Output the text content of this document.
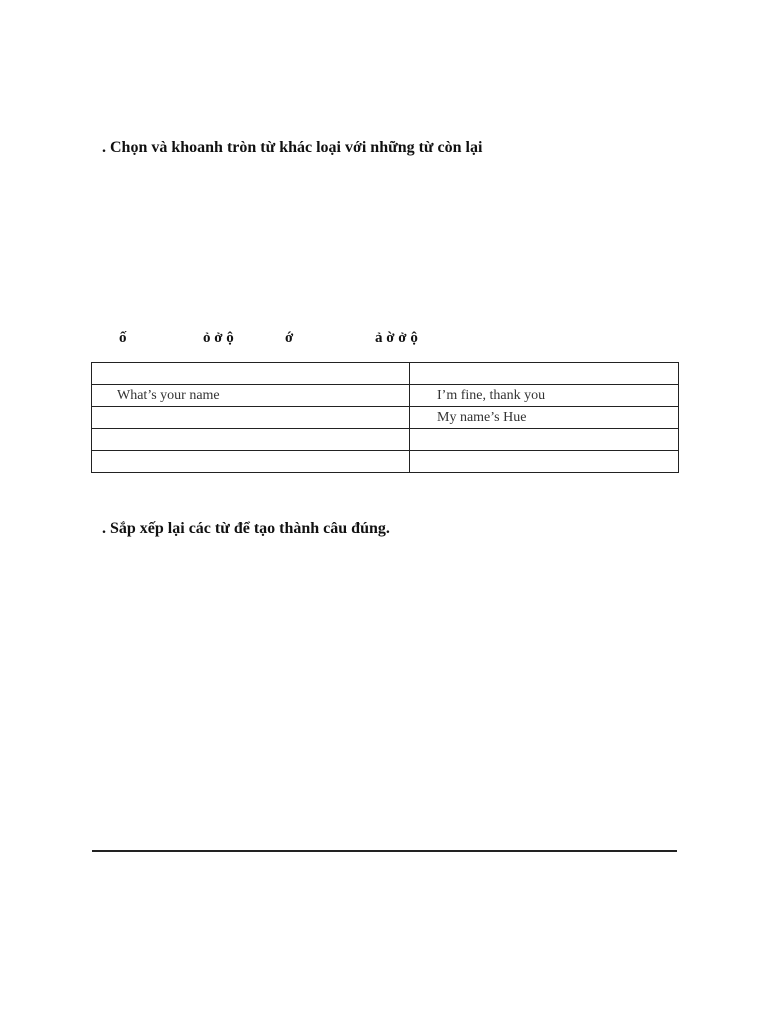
. Chọn và khoanh tròn từ khác loại với những từ còn lại
ố	ỏ ở ộ	ớ	ả ờ ở ộ

What’s your name	I’m fine, thank you
	My name’s Hue

. Sắp xếp lại các từ để tạo thành câu đúng.
